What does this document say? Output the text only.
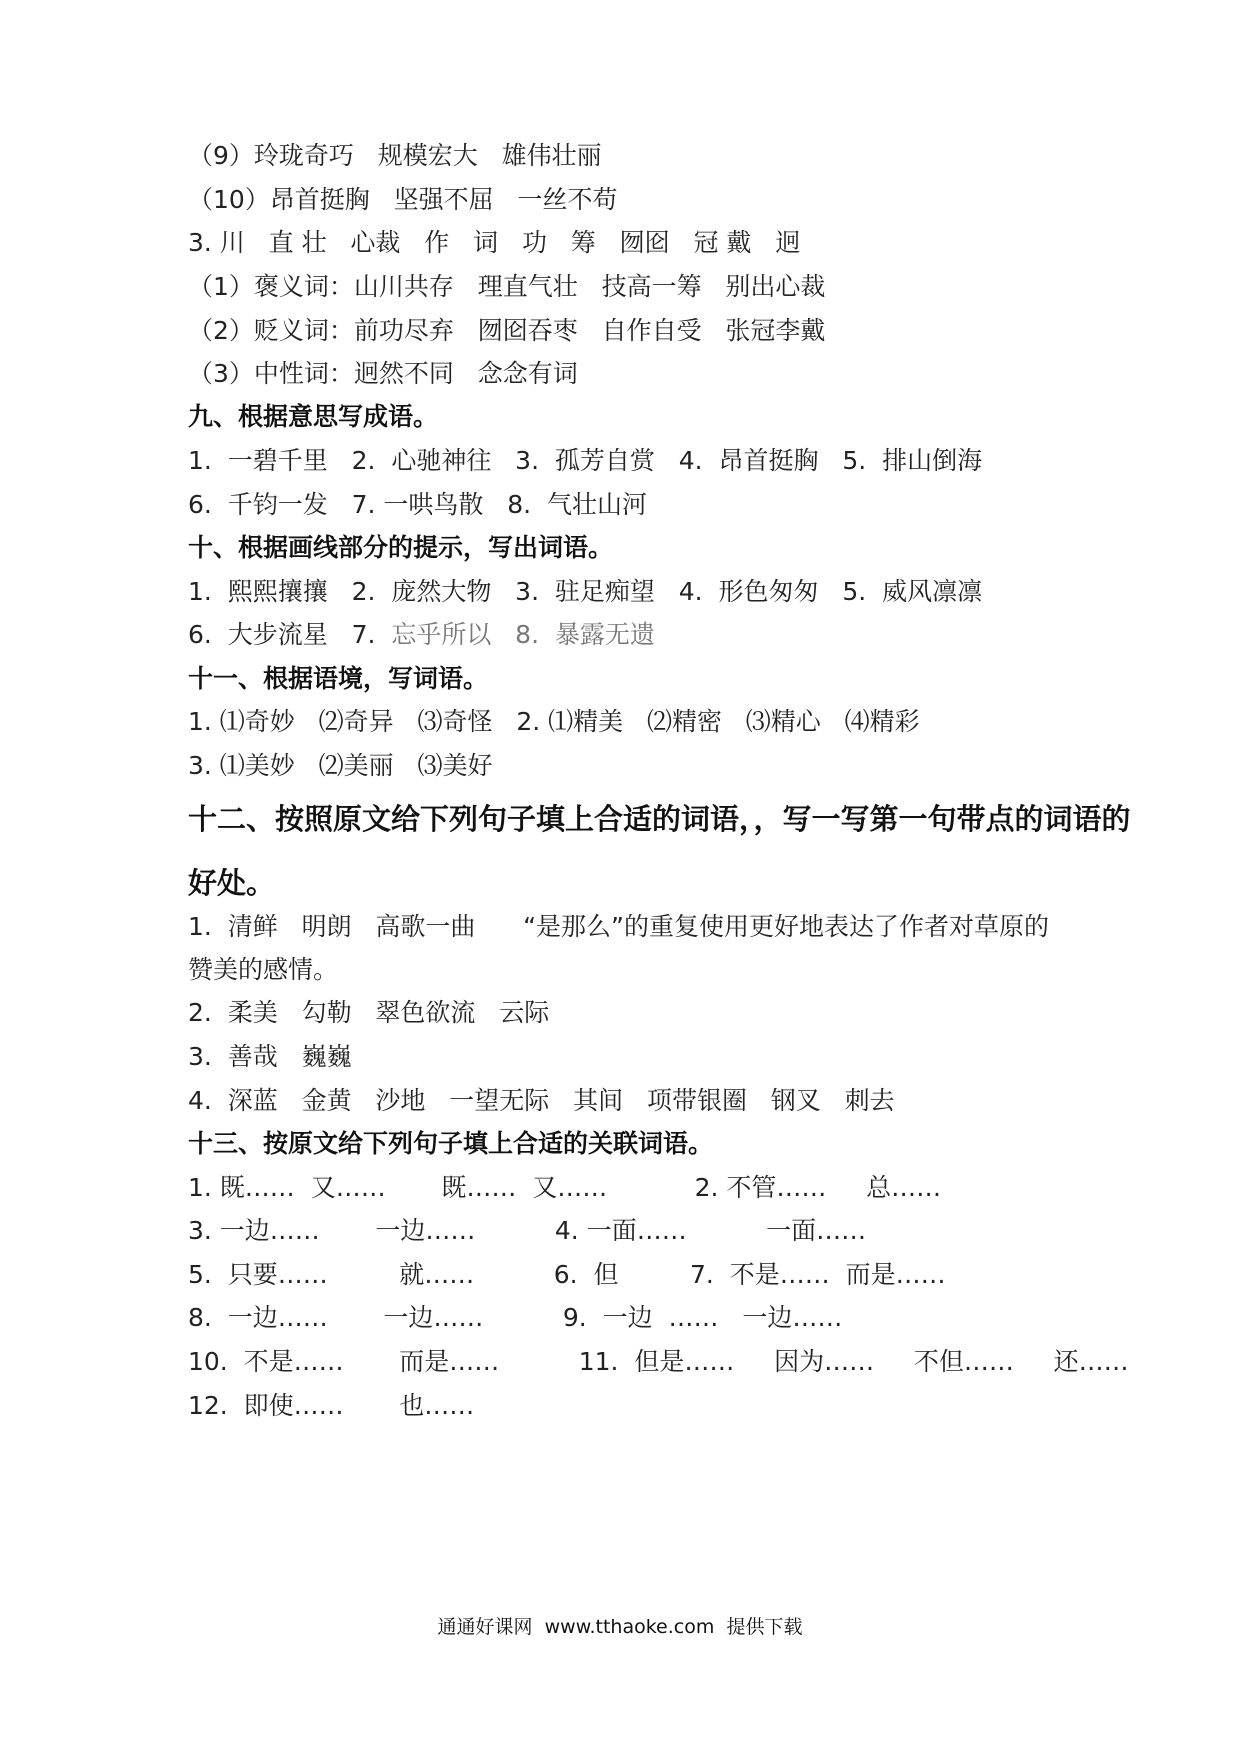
（9）玲珑奇巧   规模宏大   雄伟壮丽
（10）昂首挺胸   坚强不屈   一丝不苟
3. 川   直 壮   心裁   作   词   功   筹   囫囵   冠 戴   迥
（1）褒义词：山川共存   理直气壮   技高一筹   别出心裁
（2）贬义词：前功尽弃   囫囵吞枣   自作自受   张冠李戴
（3）中性词：迥然不同   念念有词
九、根据意思写成语。
1.  一碧千里   2.  心驰神往   3.  孤芳自赏   4.  昂首挺胸   5.  排山倒海
6.  千钧一发   7. 一哄鸟散   8.  气壮山河
十、根据画线部分的提示，写出词语。
1.  熙熙攘攘   2.  庞然大物   3.  驻足痴望   4.  形色匆匆   5.  威风凛凛
6.  大步流星   7.  忘乎所以   8.  暴露无遗
十一、根据语境，写词语。
1. ⑴奇妙   ⑵奇异   ⑶奇怪   2. ⑴精美   ⑵精密   ⑶精心   ⑷精彩
3. ⑴美妙   ⑵美丽   ⑶美好
十二、按照原文给下列句子填上合适的词语，，写一写第一句带点的词语的
好处。
1.  清鲜   明朗   高歌一曲      “是那么”的重复使用更好地表达了作者对草原的
赞美的感情。
2.  柔美   勾勒   翠色欲流   云际
3.  善哉   巍巍
4.  深蓝   金黄   沙地   一望无际   其间   项带银圈   钢叉   刺去
十三、按原文给下列句子填上合适的关联词语。
1. 既……  又……       既……  又……           2. 不管……     总……
3. 一边……       一边……          4. 一面……          一面……
5.  只要……         就……          6.  但         7.  不是……  而是……
8.  一边……       一边……          9.  一边  ……   一边……
10.  不是……       而是……          11.  但是……     因为……     不但……     还……
12.  即使……       也……
通通好课网  www.tthaoke.com  提供下载
